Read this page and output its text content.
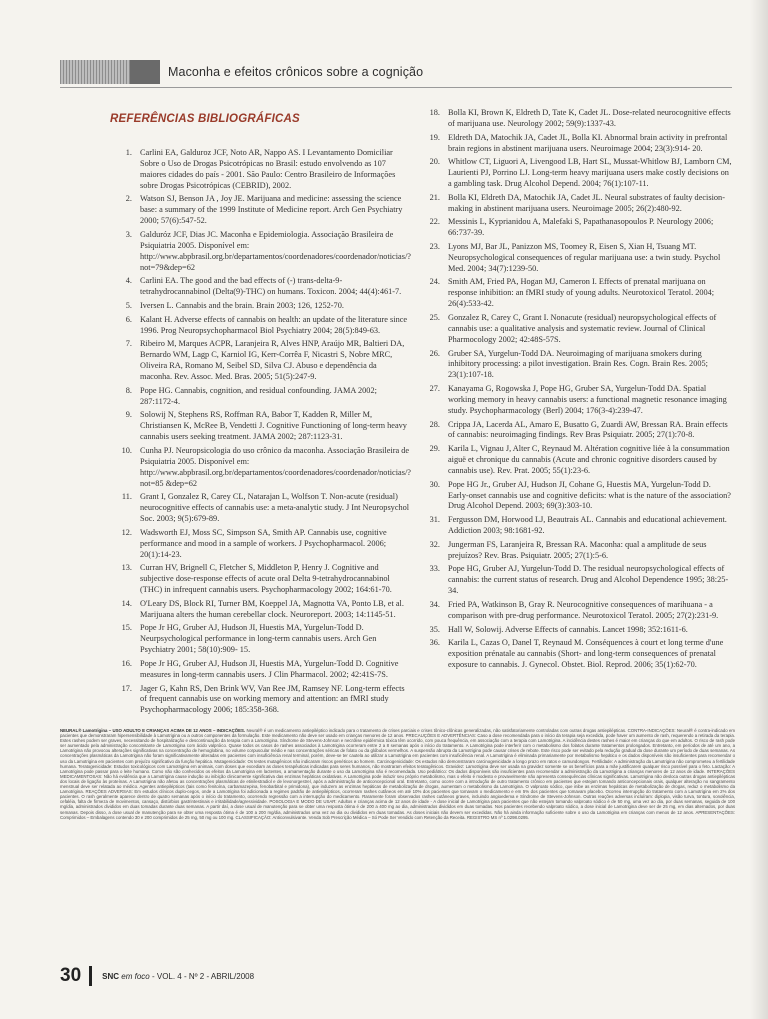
Maconha e efeitos crônicos sobre a cognição
REFERÊNCIAS BIBLIOGRÁFICAS
1. Carlini EA, Galduroz JCF, Noto AR, Nappo AS. I Levantamento Domiciliar Sobre o Uso de Drogas Psicotrópicas no Brasil: estudo envolvendo as 107 maiores cidades do país - 2001. São Paulo: Centro Brasileiro de Informações sobre Drogas Psicotrópicas (CEBRID), 2002.
2. Watson SJ, Benson JA , Joy JE. Marijuana and medicine: assessing the science base: a summary of the 1999 Institute of Medicine report. Arch Gen Psychiatry 2000; 57(6):547-52.
3. Galduróz JCF, Dias JC. Maconha e Epidemiologia. Associação Brasileira de Psiquiatria 2005. Disponível em: http://www.abpbrasil.org.br/departamentos/coordenadores/coordenador/noticias/?not=79&dep=62
4. Carlini EA. The good and the bad effects of (-) trans-delta-9- tetrahydrocannabinol (Delta(9)-THC) on humans. Toxicon. 2004; 44(4):461-7.
5. Iversen L. Cannabis and the brain. Brain 2003; 126, 1252-70.
6. Kalant H. Adverse effects of cannabis on health: an update of the literature since 1996. Prog Neuropsychopharmacol Biol Psychiatry 2004; 28(5):849-63.
7. Ribeiro M, Marques ACPR, Laranjeira R, Alves HNP, Araújo MR, Baltieri DA, Bernardo WM, Lagp C, Karniol IG, Kerr-Corrêa F, Nicastri S, Nobre MRC, Oliveira RA, Romano M, Seibel SD, Silva CJ. Abuso e dependência da maconha. Rev. Assoc. Med. Bras. 2005; 51(5):247-9.
8. Pope HG. Cannabis, cognition, and residual confounding. JAMA 2002; 287:1172-4.
9. Solowij N, Stephens RS, Roffman RA, Babor T, Kadden R, Miller M, Christiansen K, McRee B, Vendetti J. Cognitive Functioning of long-term heavy cannabis users seeking treatment. JAMA 2002; 287:1123-31.
10. Cunha PJ. Neuropsicologia do uso crônico da maconha. Associação Brasileira de Psiquiatria 2005. Disponível em: http://www.abpbrasil.org.br/departamentos/coordenadores/coordenador/noticias/?not=85 &dep=62
11. Grant I, Gonzalez R, Carey CL, Natarajan L, Wolfson T. Non-acute (residual) neurocognitive effects of cannabis use: a meta-analytic study. J Int Neuropsychol Soc. 2003; 9(5):679-89.
12. Wadsworth EJ, Moss SC, Simpson SA, Smith AP. Cannabis use, cognitive performance and mood in a sample of workers. J Psychopharmacol. 2006; 20(1):14-23.
13. Curran HV, Brignell C, Fletcher S, Middleton P, Henry J. Cognitive and subjective dose-response effects of acute oral Delta 9-tetrahydrocannabinol (THC) in infrequent cannabis users. Psychopharmacology 2002; 164:61-70.
14. O'Leary DS, Block RI, Turner BM, Koeppel JA, Magnotta VA, Ponto LB, et al. Marijuana alters the human cerebellar clock. Neuroreport. 2003; 14:1145-51.
15. Pope Jr HG, Gruber AJ, Hudson JI, Huestis MA, Yurgelun-Todd D. Neurpsychological performance in long-term cannabis users. Arch Gen Psychiatry 2001; 58(10):909- 15.
16. Pope Jr HG, Gruber AJ, Hudson JI, Huestis MA, Yurgelun-Todd D. Cognitive measures in long-term cannabis users. J Clin Pharmacol. 2002; 42:41S-7S.
17. Jager G, Kahn RS, Den Brink WV, Van Ree JM, Ramsey NF. Long-term effects of frequent cannabis use on working memory and attention: an fMRI study Psychopharmacology 2006; 185:358-368.
18. Bolla KI, Brown K, Eldreth D, Tate K, Cadet JL. Dose-related neurocognitive effects of marijuana use. Neurology 2002; 59(9):1337-43.
19. Eldreth DA, Matochik JA, Cadet JL, Bolla KI. Abnormal brain activity in prefrontal brain regions in abstinent marijuana users. Neuroimage 2004; 23(3):914- 20.
20. Whitlow CT, Liguori A, Livengood LB, Hart SL, Mussat-Whitlow BJ, Lamborn CM, Laurienti PJ, Porrino LJ. Long-term heavy marijuana users make costly decisions on a gambling task. Drug Alcohol Depend. 2004; 76(1):107-11.
21. Bolla KI, Eldreth DA, Matochik JA, Cadet JL. Neural substrates of faulty decision-making in abstinent marijuana users. Neuroimage 2005; 26(2):480-92.
22. Messinis L, Kyprianidou A, Malefaki S, Papathanasopoulos P. Neurology 2006; 66:737-39.
23. Lyons MJ, Bar JL, Panizzon MS, Toomey R, Eisen S, Xian H, Tsuang MT. Neuropsychological consequences of regular marijuana use: a twin study. Psychol Med. 2004; 34(7):1239-50.
24. Smith AM, Fried PA, Hogan MJ, Cameron I. Effects of prenatal marijuana on response inhibition: an fMRI study of young adults. Neurotoxicol Teratol. 2004; 26(4):533-42.
25. Gonzalez R, Carey C, Grant I. Nonacute (residual) neuropsychological effects of cannabis use: a qualitative analysis and systematic review. Journal of Clinical Pharmocology 2002; 42:48S-57S.
26. Gruber SA, Yurgelun-Todd DA. Neuroimaging of marijuana smokers during inhibitory processing: a pilot investigation. Brain Res. Cogn. Brain Res. 2005; 23(1):107-18.
27. Kanayama G, Rogowska J, Pope HG, Gruber SA, Yurgelun-Todd DA. Spatial working memory in heavy cannabis users: a functional magnetic resonance imaging study. Psychopharmacology (Berl) 2004; 176(3-4):239-47.
28. Crippa JA, Lacerda AL, Amaro E, Busatto G, Zuardi AW, Bressan RA. Brain effects of cannabis: neuroimaging findings. Rev Bras Psiquiatr. 2005; 27(1):70-8.
29. Karila L, Vignau J, Alter C, Reynaud M. Altération cognitive liée à la consummation aiguë et chronique du cannabis (Acute and chronic cognitive disorders caused by cannabis use). Rev. Prat. 2005; 55(1):23-6.
30. Pope HG Jr., Gruber AJ, Hudson JI, Cohane G, Huestis MA, Yurgelun-Todd D. Early-onset cannabis use and cognitive deficits: what is the nature of the association? Drug Alcohol Depend. 2003; 69(3):303-10.
31. Fergusson DM, Horwood LJ, Beautrais AL. Cannabis and educational achievement. Addiction 2003; 98:1681-92.
32. Jungerman FS, Laranjeira R, Bressan RA. Maconha: qual a amplitude de seus prejuízos? Rev. Bras. Psiquiatr. 2005; 27(1):5-6.
33. Pope HG, Gruber AJ, Yurgelun-Todd D. The residual neuropsychological effects of cannabis: the current status of research. Drug and Alcohol Dependence 1995; 38:25-34.
34. Fried PA, Watkinson B, Gray R. Neurocognitive consequences of marihuana - a comparison with pre-drug performance. Neurotoxicol Teratol. 2005; 27(2):231-9.
35. Hall W, Solowij. Adverse Effects of cannabis. Lancet 1998; 352:1611-6.
36. Karila L, Cazas O, Danel T, Reynaud M. Conséquences à court et long terme d'une exposition prénatale au cannabis (Short- and long-term consequences of prenatal exposure to cannabis. J. Gynecol. Obstet. Biol. Reprod. 2006; 35(1):62-70.

NEURAL® Lamotrigina – USO ADULTO E CRIANÇAS ACIMA DE 12 ANOS – INDICAÇÕES. Neural® é um medicamento antiepiléptico indicado para o tratamento de crises parciais e crises tônico-clônicas generalizadas, não satisfatoriamente controladas com outras drogas antiepilépticas. CONTRA-INDICAÇÕES: Neural® é contra-indicado em pacientes que demonstraram hipersensibilidade à Lamotrigina ou a outros componentes da formulação. Este medicamento não deve ser usado em crianças menores de 12 anos. PRECAUÇÕES E ADVERTÊNCIAS: Caso a dose recomendada para o início da terapia seja excedida, pode haver um aumento de rash, requerendo a retirada da terapia. Estes rashes podem ser graves, necessitando de hospitalização e descontinuação da terapia com a Lamotrigina. Síndrome de Stevens-Johnson e necrólise epidérmica tóxica têm ocorrido, com pouca frequência, em associação com a terapia com Lamotrigina. A incidência destes rashes é maior em crianças do que em adultos. O risco de rash pode ser aumentado pela administração concomitante de Lamotrigina com ácido valpróico. Quase todos os casos de rashes associados à Lamotrigina ocorreram entre 2 a 8 semanas após o início do tratamento. A Lamotrigina pode interferir com o metabolismo dos folatos durante tratamentos prolongados. Entretanto, em períodos de até um ano, a Lamotrigina não provocou alterações significativas na concentração de hemoglobina, no volume corpuscular médio e nas concentrações séricas de folato ou da glóbulos vermelhos. A suspensão abrupta da Lamotrigina pode causar crises de rebote. Este risco pode ser evitado pela redução gradual da dose durante um período de duas semanas. As concentrações plasmáticas da Lamotrigina não foram significativamente alteradas em pacientes com insuficiência renal terminal, porém, deve-se ter cautela ao utilizar a Lamotrigina em pacientes com insuficiência renal. A Lamotrigina é eliminada primariamente por metabolismo hepático e os dados disponíveis são insuficientes para recomendar o uso da Lamotrigina em pacientes com prejuízo significativo da função hepática. Mutagenicidade: Os testes mutagênicos não indicaram riscos genéticos ao homem. Carcinogenicidade: Os estudos não demonstraram carcinogenicidade a longo prazo em ratos e camundongos. Fertilidade: A administração da Lamotrigina não comprometeu a fertilidade humana. Teratogenicidade: Estudos toxicológicos com Lamotrigina em animais, com doses que excediam as doses terapêuticas indicadas para seres humanos, não mostraram efeitos teratogênicos. Gravidez: Lamotrigina deve ser usada na gravidez somente se os benefícios para a mãe justificarem qualquer risco possível para o feto. Lactação: A Lamotrigina pode passar para o leite humano. Como não são conhecidos os efeitos da Lamotrigina em lactentes, a amamentação durante o uso da Lamotrigina não é recomendada. Uso pediátrico: Os dados disponíveis são insuficientes para recomendar a administração da Lamotrigina a crianças menores de 12 anos de idade. INTERAÇÕES MEDICAMENTOSAS: Não há evidência que a Lamotrigina cause indução ou inibição clinicamente significativa das enzimas hepáticas oxidativas. A Lamotrigina pode induzir seu próprio metabolismo, mas o efeito é modesto e provavelmente não apresenta consequências clínicas significativas. Lamotrigina não desloca outras drogas antiepilépticas dos locais de ligação às proteínas. A Lamotrigina não afetou as concentrações plasmáticas de etinilestradiol e de levonorgestrel, após a administração de anticoncepcional oral. Entretanto, como ocorre com a introdução de outro tratamento crônico em pacientes que estejam tomando anticoncepcionais orais, qualquer alteração no sangramento menstrual deve ser relatada ao médico. Agentes antiepilépticos (tais como fenitoína, carbamazepina, fenobarbital e primidona), que induzem as enzimas hepáticas de metabolização de drogas, aumentam o metabolismo da Lamotrigina. O valproato sódico, que inibe as enzimas hepáticas de metabolização de drogas, reduz o metabolismo da Lamotrigina. REAÇÕES ADVERSAS: Em estudos clínicos duplo-cegos, onde a Lamotrigina foi adicionada a regimes padrão de antiepilépticos, ocorreram rashes cutâneos em até 10% dos pacientes que tomavam o medicamento e em 5% dos pacientes que tomavam placebo. Ocorreu interrupção do tratamento com a Lamotrigina em 2% dos pacientes. O rash geralmente aparece dentro de quatro semanas após o início do tratamento, ocorrendo regressão com a interrupção do medicamento. Raramente foram observados rashes cutâneos graves, incluindo angioedema e Síndrome de Stevens-Johnson. Outras reações adversas incluíram: diplopia, visão turva, tontura, sonolência, cefaléia, falta de firmeza de movimentos, cansaço, distúrbios gastrintestinais e irritabilidade/agressividade. POSOLOGIA E MODO DE USAR: Adultos e crianças acima de 12 anos de idade - A dose inicial de Lamotrigina para pacientes que não estejam tomando valproato sódico é de 50 mg, uma vez ao dia, por duas semanas, seguida de 100 mg/dia, administrados divididos em duas tomadas durante duas semanas. A partir daí, a dose usual de manutenção para se obter uma resposta ótima é de 200 a 400 mg ao dia, administrados divididos em duas tomadas. Nos pacientes recebendo valproato sódico, a dose inicial de Lamotrigina deve ser de 25 mg, em dias alternados, por duas semanas. Depois disso, a dose usual de manutenção para se obter uma resposta ótima é de 100 a 200 mg/dia, administrados uma vez ao dia ou divididos em duas tomadas. As doses iniciais não devem ser excedidas. Não há ainda informação suficiente sobre o uso da Lamotrigina em crianças com menos de 12 anos. APRESENTAÇÕES: Comprimidos – Embalagens contendo 30 e 200 comprimidos de 25 mg, 50 mg ou 100 mg. CLASSIFICAÇÃO: Anticonvulsivante. Venda Sob Prescrição Médica – Só Pode Ser Vendido com Retenção da Receita. REGISTRO MS nº 1.0298.0295.

30	SNC em foco - VOL. 4 - Nº 2 - ABRIL/2008
